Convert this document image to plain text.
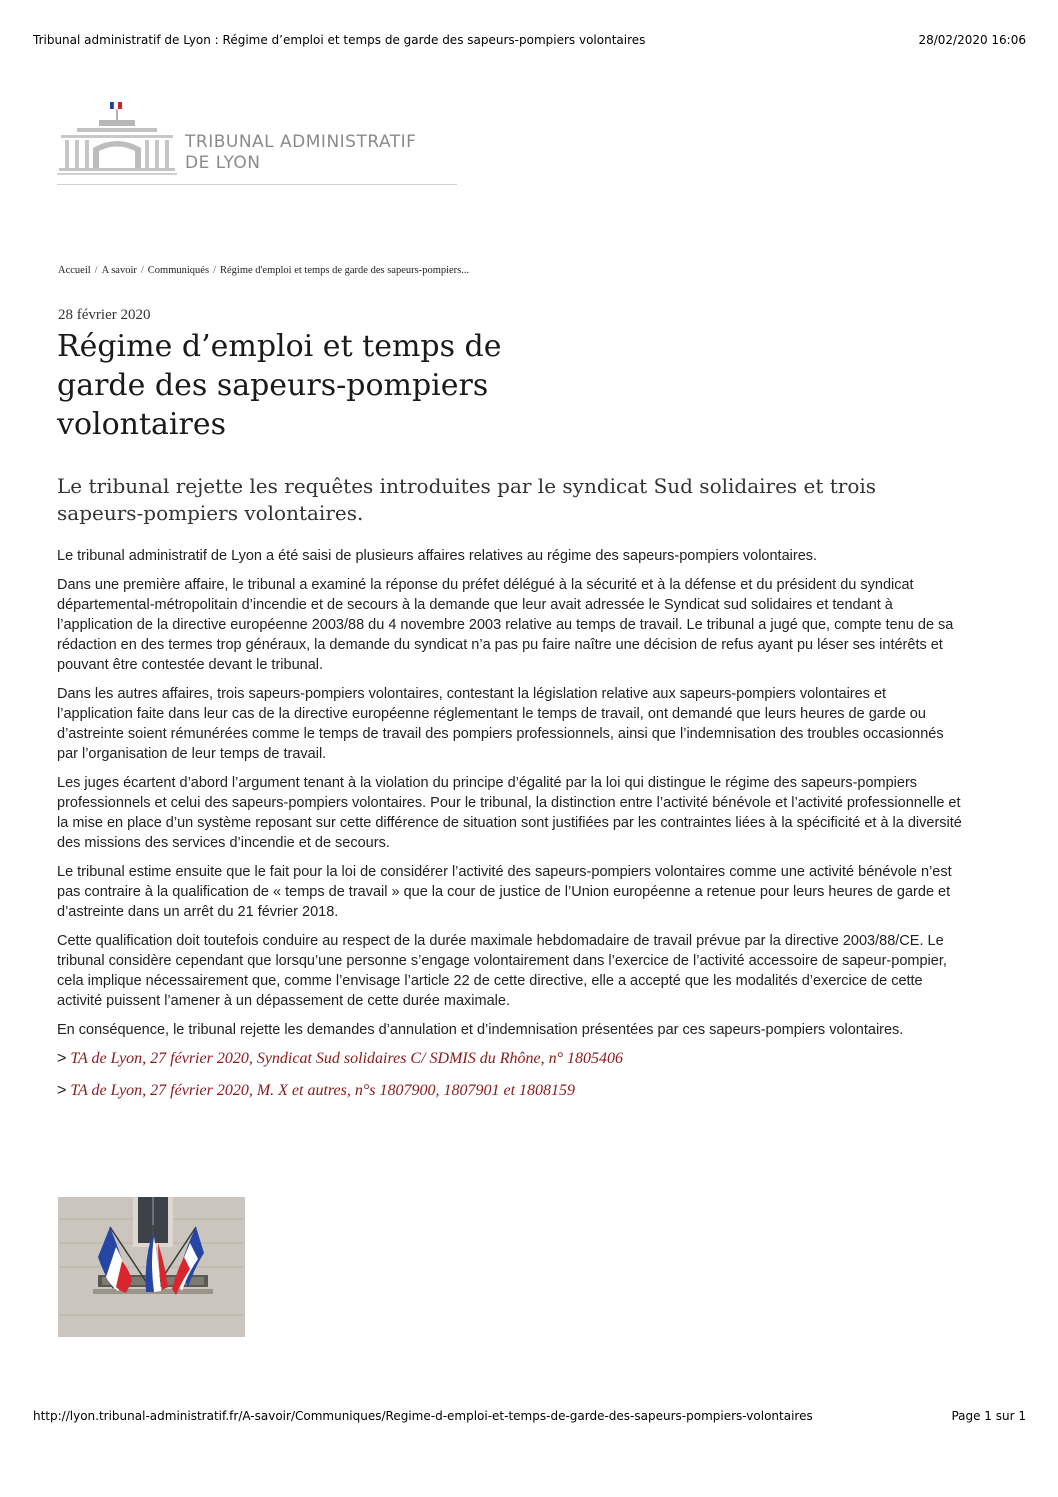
Tribunal administratif de Lyon : Régime d’emploi et temps de garde des sapeurs-pompiers volontaires	28/02/2020 16:06
TRIBUNAL ADMINISTRATIF
DE LYON
Accueil / A savoir / Communiqués / Régime d'emploi et temps de garde des sapeurs-pompiers...
28 février 2020
Régime d’emploi et temps de garde des sapeurs-pompiers volontaires
Le tribunal rejette les requêtes introduites par le syndicat Sud solidaires et trois sapeurs-pompiers volontaires.

Le tribunal administratif de Lyon a été saisi de plusieurs affaires relatives au régime des sapeurs-pompiers volontaires.

Dans une première affaire, le tribunal a examiné la réponse du préfet délégué à la sécurité et à la défense et du président du syndicat départemental-métropolitain d’incendie et de secours à la demande que leur avait adressée le Syndicat sud solidaires et tendant à l’application de la directive européenne 2003/88 du 4 novembre 2003 relative au temps de travail. Le tribunal a jugé que, compte tenu de sa rédaction en des termes trop généraux, la demande du syndicat n’a pas pu faire naître une décision de refus ayant pu léser ses intérêts et pouvant être contestée devant le tribunal.

Dans les autres affaires, trois sapeurs-pompiers volontaires, contestant la législation relative aux sapeurs-pompiers volontaires et l’application faite dans leur cas de la directive européenne réglementant le temps de travail, ont demandé que leurs heures de garde ou d’astreinte soient rémunérées comme le temps de travail des pompiers professionnels, ainsi que l’indemnisation des troubles occasionnés par l’organisation de leur temps de travail.

Les juges écartent d’abord l’argument tenant à la violation du principe d’égalité par la loi qui distingue le régime des sapeurs-pompiers professionnels et celui des sapeurs-pompiers volontaires. Pour le tribunal, la distinction entre l’activité bénévole et l’activité professionnelle et la mise en place d’un système reposant sur cette différence de situation sont justifiées par les contraintes liées à la spécificité et à la diversité des missions des services d’incendie et de secours.

Le tribunal estime ensuite que le fait pour la loi de considérer l’activité des sapeurs-pompiers volontaires comme une activité bénévole n’est pas contraire à la qualification de « temps de travail » que la cour de justice de l’Union européenne a retenue pour leurs heures de garde et d’astreinte dans un arrêt du 21 février 2018.

Cette qualification doit toutefois conduire au respect de la durée maximale hebdomadaire de travail prévue par la directive 2003/88/CE. Le tribunal considère cependant que lorsqu’une personne s’engage volontairement dans l’exercice de l’activité accessoire de sapeur-pompier, cela implique nécessairement que, comme l’envisage l’article 22 de cette directive, elle a accepté que les modalités d’exercice de cette activité puissent l’amener à un dépassement de cette durée maximale.

En conséquence, le tribunal rejette les demandes d’annulation et d’indemnisation présentées par ces sapeurs-pompiers volontaires.

> TA de Lyon, 27 février 2020, Syndicat Sud solidaires C/ SDMIS du Rhône, n° 1805406

> TA de Lyon, 27 février 2020, M. X et autres, n°s 1807900, 1807901 et 1808159

http://lyon.tribunal-administratif.fr/A-savoir/Communiques/Regime-d-emploi-et-temps-de-garde-des-sapeurs-pompiers-volontaires	Page 1 sur 1
